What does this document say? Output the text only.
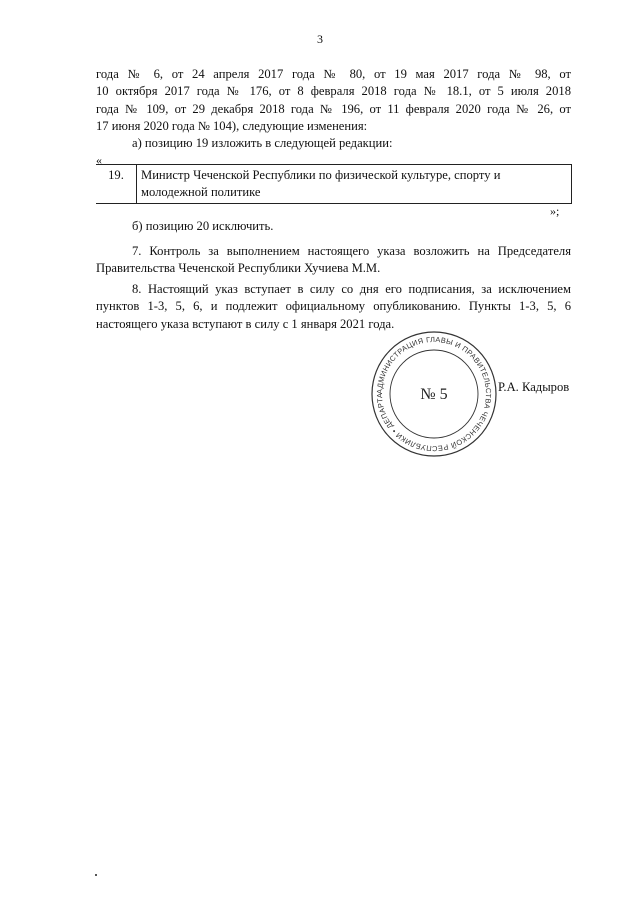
3

года № 6, от 24 апреля 2017 года № 80, от 19 мая 2017 года № 98, от

10 октября 2017 года № 176, от 8 февраля 2018 года № 18.1, от 5 июля 2018

года № 109, от 29 декабря 2018 года № 196, от 11 февраля 2020 года № 26, от

17 июня 2020 года № 104), следующие изменения:

а) позицию 19 изложить в следующей редакции:
«
19.	Министр Чеченской Республики по физической культуре, спорту и молодежной политике
»;
б) позицию 20 исключить.
7. Контроль за выполнением настоящего указа возложить на Председателя Правительства Чеченской Республики Хучиева М.М.
8. Настоящий указ вступает в силу со дня его подписания, за исключением пунктов 1-3, 5, 6, и подлежит официальному опубликованию. Пункты 1-3, 5, 6 настоящего указа вступают в силу с 1 января 2021 года.
АДМИНИСТРАЦИЯ ГЛАВЫ И ПРАВИТЕЛЬСТВА ЧЕЧЕНСКОЙ РЕСПУБЛИКИ • ДЕПАРТА	№ 5	Р.А. Кадыров
